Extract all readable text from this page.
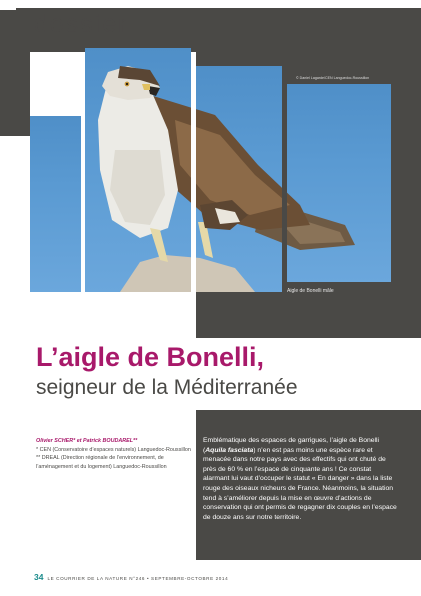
dossier
© Daniel Lagarde/CEN Languedoc-Roussillon
Aigle de Bonelli mâle
L’aigle de Bonelli,
seigneur de la Méditerranée
Olivier SCHER* et Patrick BOUDAREL**
* CEN (Conservatoire d’espaces naturels) Languedoc-Roussillon
** DREAL (Direction régionale de l’environnement, de l’aménagement et du logement) Languedoc-Roussillon
Emblématique des espaces de garrigues, l’aigle de Bonelli (Aquila fasciata) n’en est pas moins une espèce rare et menacée dans notre pays avec des effectifs qui ont chuté de près de 60 % en l’espace de cinquante ans ! Ce constat alarmant lui vaut d’occuper le statut « En danger » dans la liste rouge des oiseaux nicheurs de France. Néanmoins, la situation tend à s’améliorer depuis la mise en œuvre d’actions de conservation qui ont permis de regagner dix couples en l’espace de douze ans sur notre territoire.
34 LE COURRIER DE LA NATURE N°246 • SEPTEMBRE-OCTOBRE 2014
